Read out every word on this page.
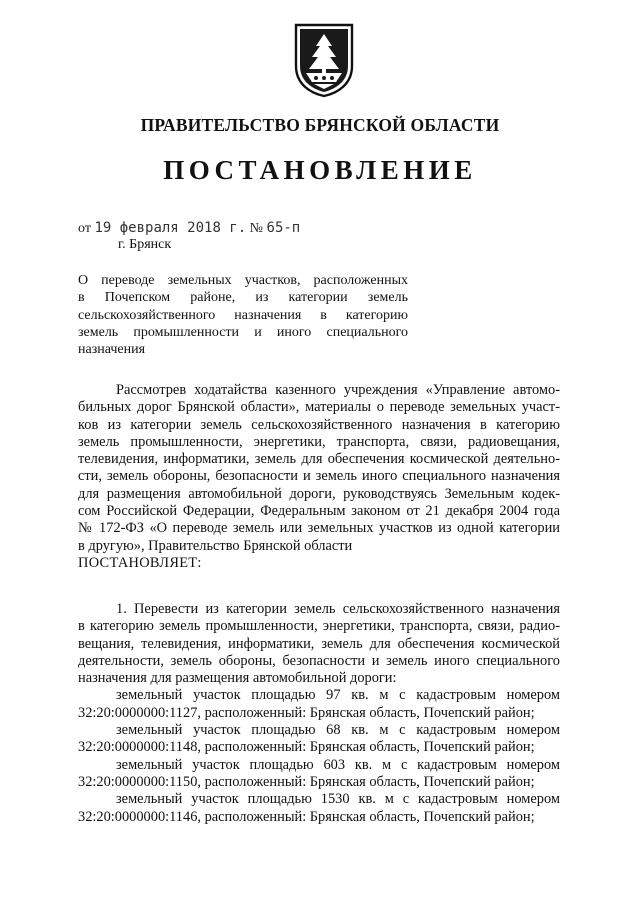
ПРАВИТЕЛЬСТВО БРЯНСКОЙ ОБЛАСТИ
ПОСТАНОВЛЕНИЕ
от 19 февраля 2018 г. № 65-п
г. Брянск
О переводе земельных участков, расположенных
в Почепском районе, из категории земель
сельскохозяйственного назначения в категорию
земель промышленности и иного специального
назначения
Рассмотрев ходатайства казенного учреждения «Управление автомо-
бильных дорог Брянской области», материалы о переводе земельных участ-
ков из категории земель сельскохозяйственного назначения в категорию
земель промышленности, энергетики, транспорта, связи, радиовещания,
телевидения, информатики, земель для обеспечения космической деятельно-
сти, земель обороны, безопасности и земель иного специального назначения
для размещения автомобильной дороги, руководствуясь Земельным кодек-
сом Российской Федерации, Федеральным законом от 21 декабря 2004 года
№ 172-ФЗ «О переводе земель или земельных участков из одной категории
в другую», Правительство Брянской области
ПОСТАНОВЛЯЕТ:
1. Перевести из категории земель сельскохозяйственного назначения
в категорию земель промышленности, энергетики, транспорта, связи, радио-
вещания, телевидения, информатики, земель для обеспечения космической
деятельности, земель обороны, безопасности и земель иного специального
назначения для размещения автомобильной дороги:
земельный участок площадью 97 кв. м с кадастровым номером
32:20:0000000:1127, расположенный: Брянская область, Почепский район;
земельный участок площадью 68 кв. м с кадастровым номером
32:20:0000000:1148, расположенный: Брянская область, Почепский район;
земельный участок площадью 603 кв. м с кадастровым номером
32:20:0000000:1150, расположенный: Брянская область, Почепский район;
земельный участок площадью 1530 кв. м с кадастровым номером
32:20:0000000:1146, расположенный: Брянская область, Почепский район;
